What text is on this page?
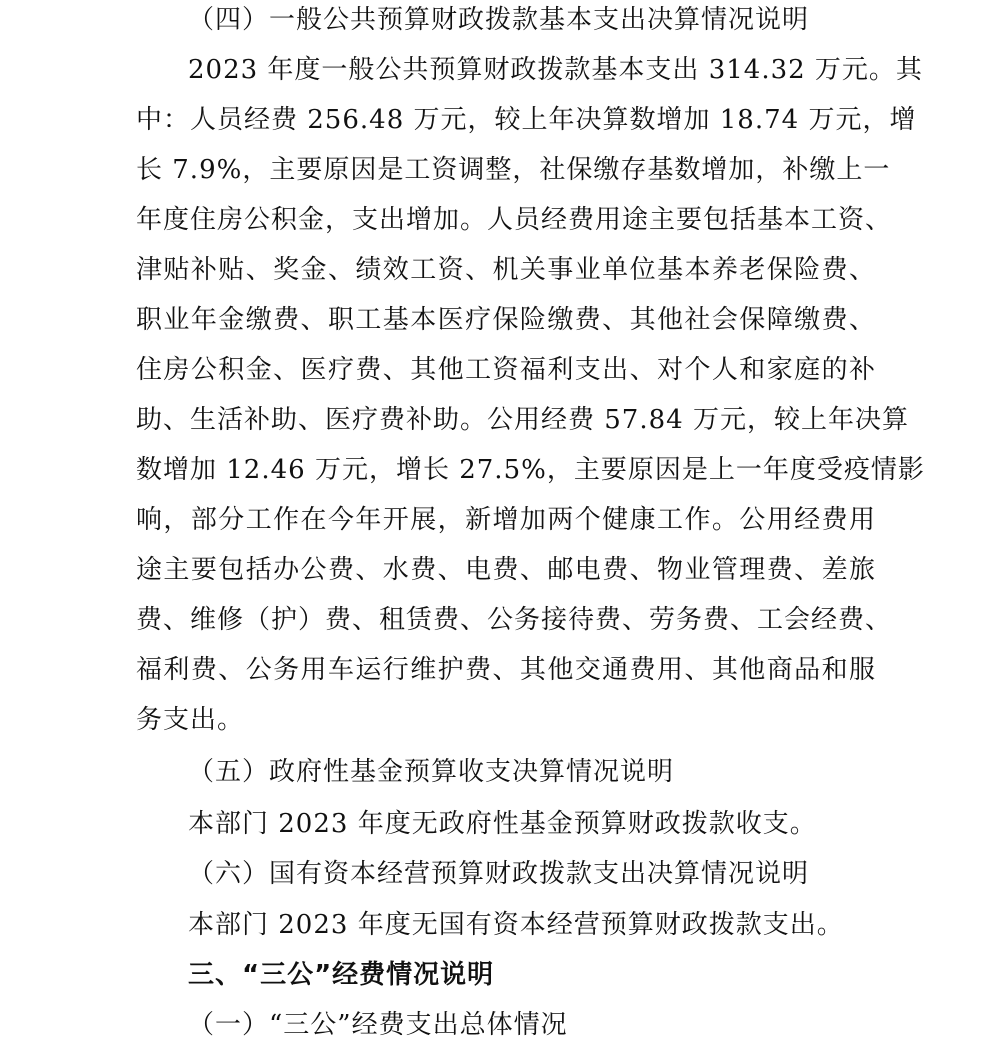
（四）一般公共预算财政拨款基本支出决算情况说明
2023 年度一般公共预算财政拨款基本支出 314.32 万元。其
中：人员经费 256.48 万元，较上年决算数增加 18.74 万元，增
长 7.9%，主要原因是工资调整，社保缴存基数增加，补缴上一
年度住房公积金，支出增加。人员经费用途主要包括基本工资、
津贴补贴、奖金、绩效工资、机关事业单位基本养老保险费、
职业年金缴费、职工基本医疗保险缴费、其他社会保障缴费、
住房公积金、医疗费、其他工资福利支出、对个人和家庭的补
助、生活补助、医疗费补助。公用经费 57.84 万元，较上年决算
数增加 12.46 万元，增长 27.5%，主要原因是上一年度受疫情影
响，部分工作在今年开展，新增加两个健康工作。公用经费用
途主要包括办公费、水费、电费、邮电费、物业管理费、差旅
费、维修（护）费、租赁费、公务接待费、劳务费、工会经费、
福利费、公务用车运行维护费、其他交通费用、其他商品和服
务支出。
（五）政府性基金预算收支决算情况说明
本部门 2023 年度无政府性基金预算财政拨款收支。
（六）国有资本经营预算财政拨款支出决算情况说明
本部门 2023 年度无国有资本经营预算财政拨款支出。
三、“三公”经费情况说明
（一）“三公”经费支出总体情况
